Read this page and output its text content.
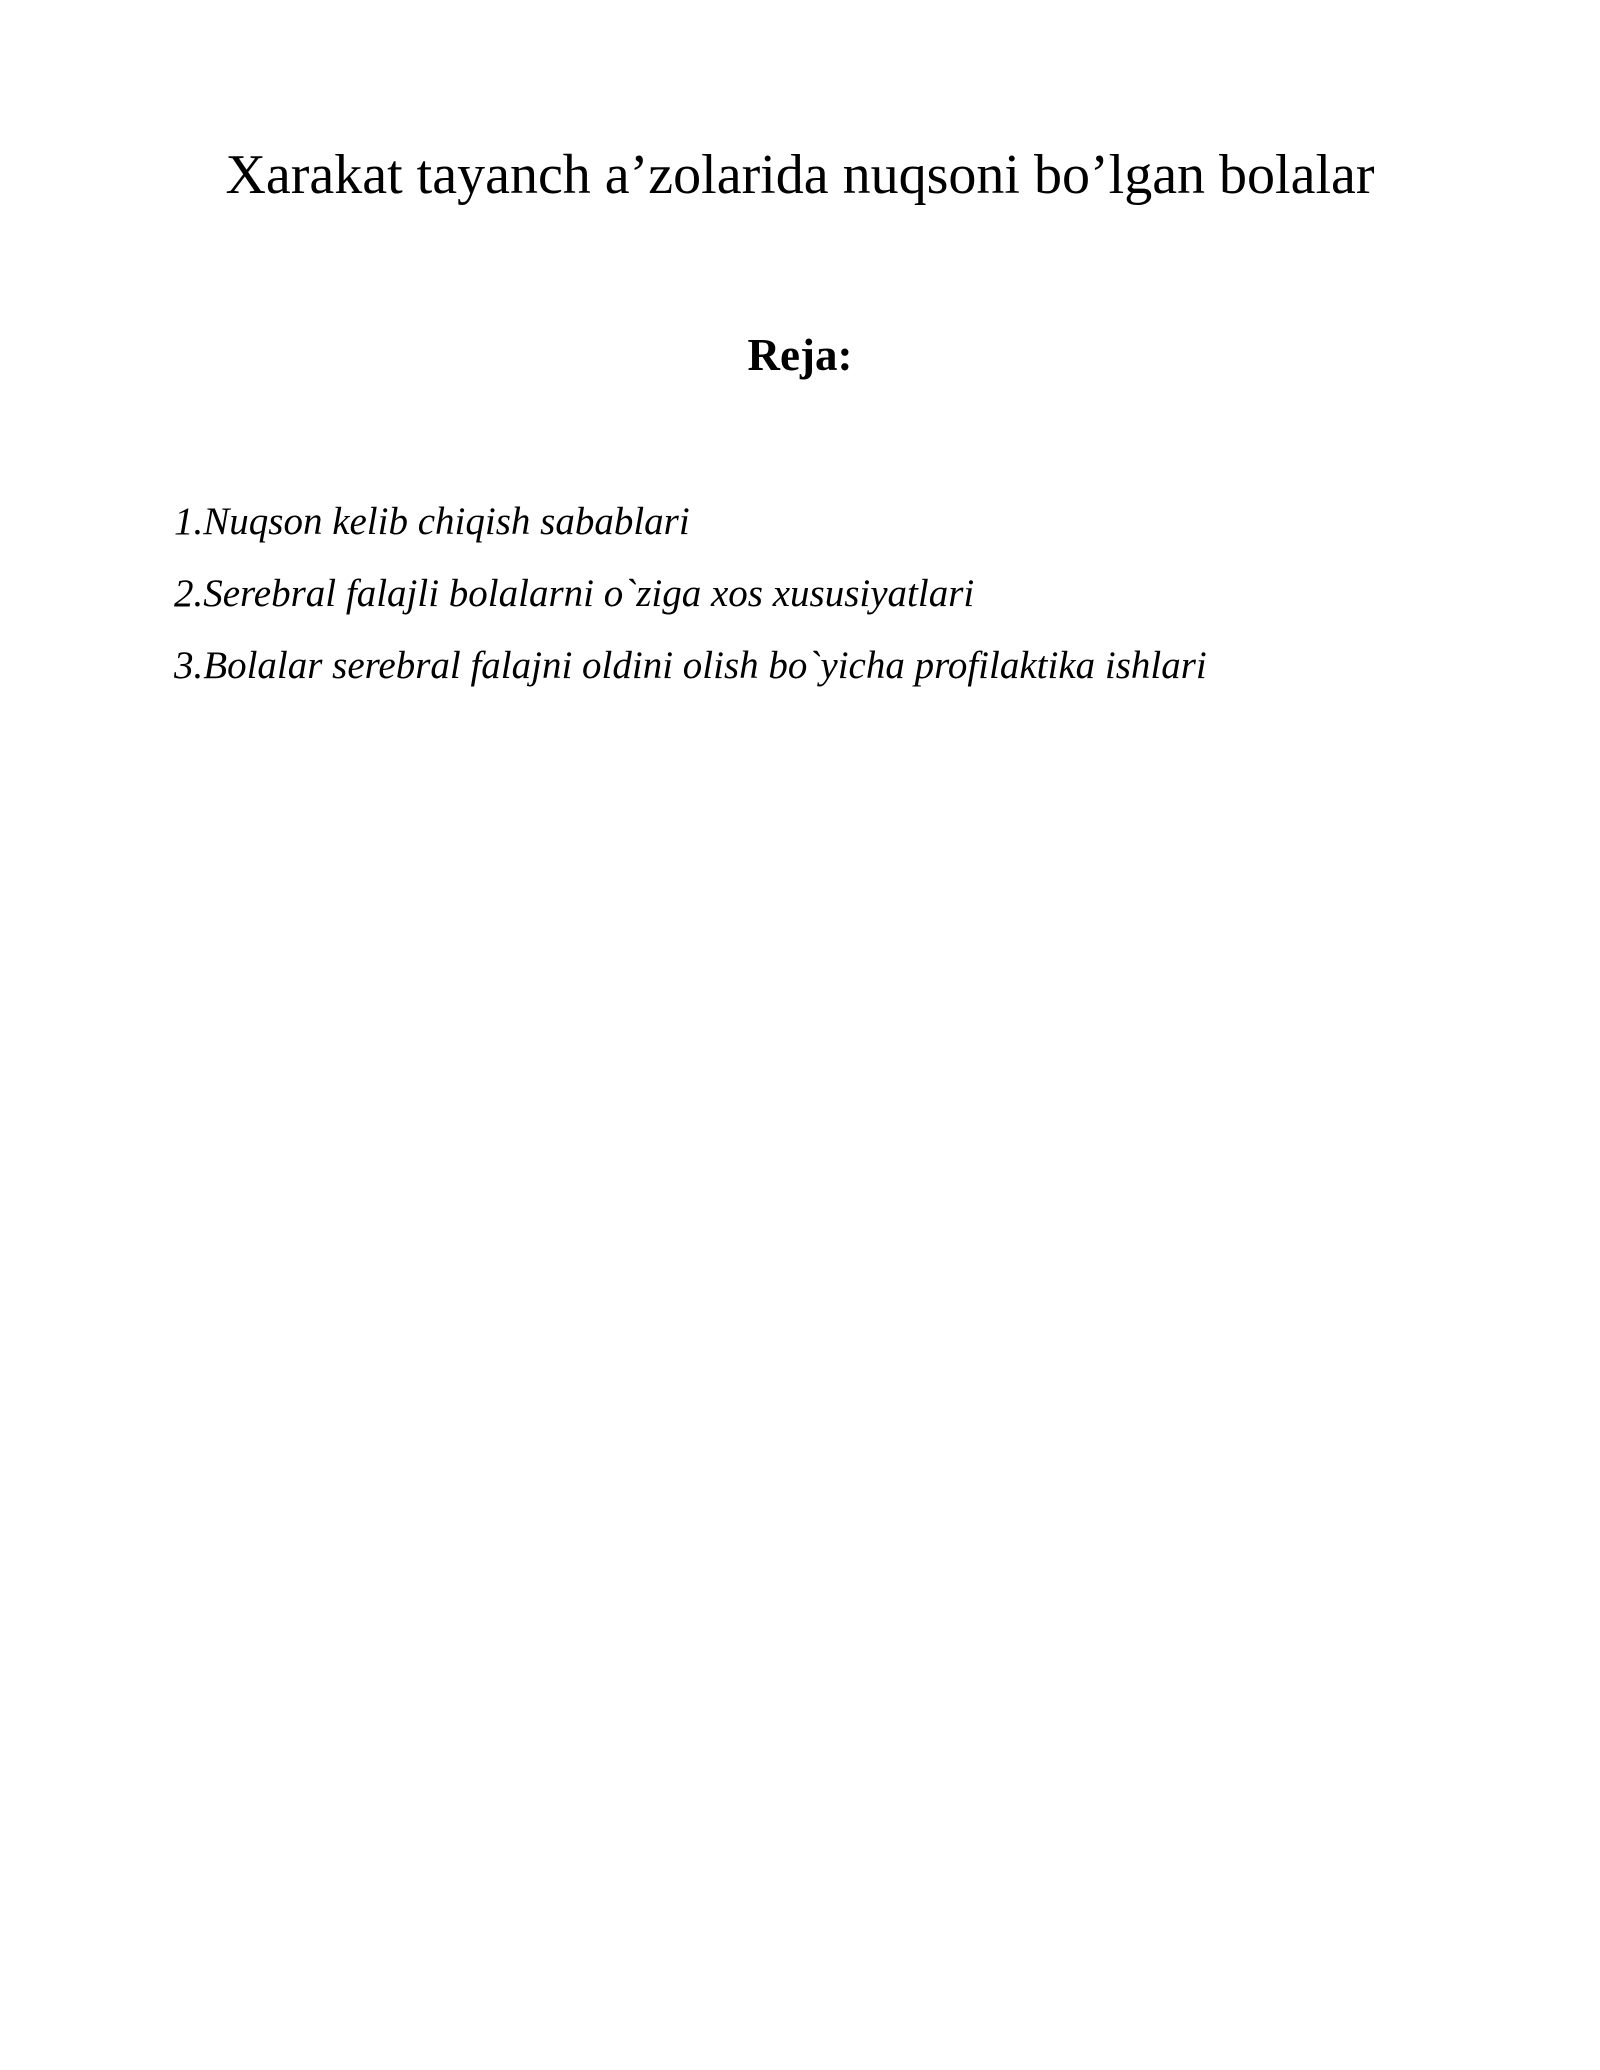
Xarakat tayanch a’zolarida nuqsoni bo’lgan bolalar
Reja:
1.Nuqson kelib chiqish sabablari
2.Serebral falajli bolalarni o`ziga xos xususiyatlari
3.Bolalar serebral falajni oldini olish bo`yicha profilaktika ishlari
